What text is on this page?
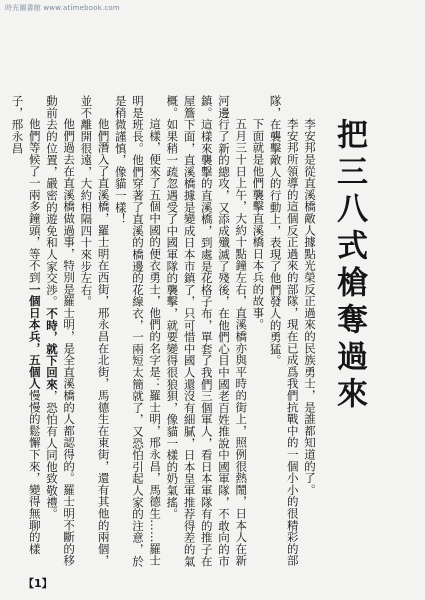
時光圖書館 www.atimebook.com
把三八式槍奪過來

李安邦是從直溪橋敵人據點光榮反正過來的民族勇士，是誰都知道的了。

李安邦所領導的這個反正過來的部隊，現在已成爲我們抗戰中的一個小小的很精彩的部隊，在襲擊敵人的行動上，表現了他們發人的勇猛。

下面就是他們襲擊直溪橋日本兵的故事。

五月三十日上午，大約十點鐘左右，直溪橋亦與平時的街上，照例很熱鬧，日本人在新河邊行了新的總攻，又添成殲滅了殘後，在他們心目中國老百姓推說中國軍隊，不敢向的市鎮。這樣來襲擊的直溪橋，到處是花格子布，單套了我們三個軍人，看日本軍隊有的推子在屋簷下面，直溪橋據是變成日本市鎮了，只可惜中國人還沒有細膩，日本皇軍推荐得差的氣概。如果稍一疏忽遇受了中國軍隊的襲擊，就要變得很狼狽，像貓一樣的奶氣搖。

這樣，便來了五個中國的便衣勇士，他們的名字是：羅士明，邢永昌，馬德生……羅士明是班長。他們穿著了直溪的橋邊的花線衣，一兩短太簡就了，又恐怕引起人家的注意，於是稍微謹慎，像貓一樣！

他們潛入了直溪橋，羅士明在西街，邢永昌在北街，馬德生在東街，還有其他的兩個，並不離開很遠，大約相隔四十來步左右。

他們過去在直溪橋做過事，特別是羅士明，是全直溪橋的人都認得的。羅士明不斷的移動前去的位置，嚴密的遊免和人家交渉。不時，就下回來，恐怕有人同他致敬禮。

他們等候了一兩多鐘頭，等不到一個日本兵，五個人慢慢的鬆懈下來，變得無聊的樣子，邢永昌

【1】
